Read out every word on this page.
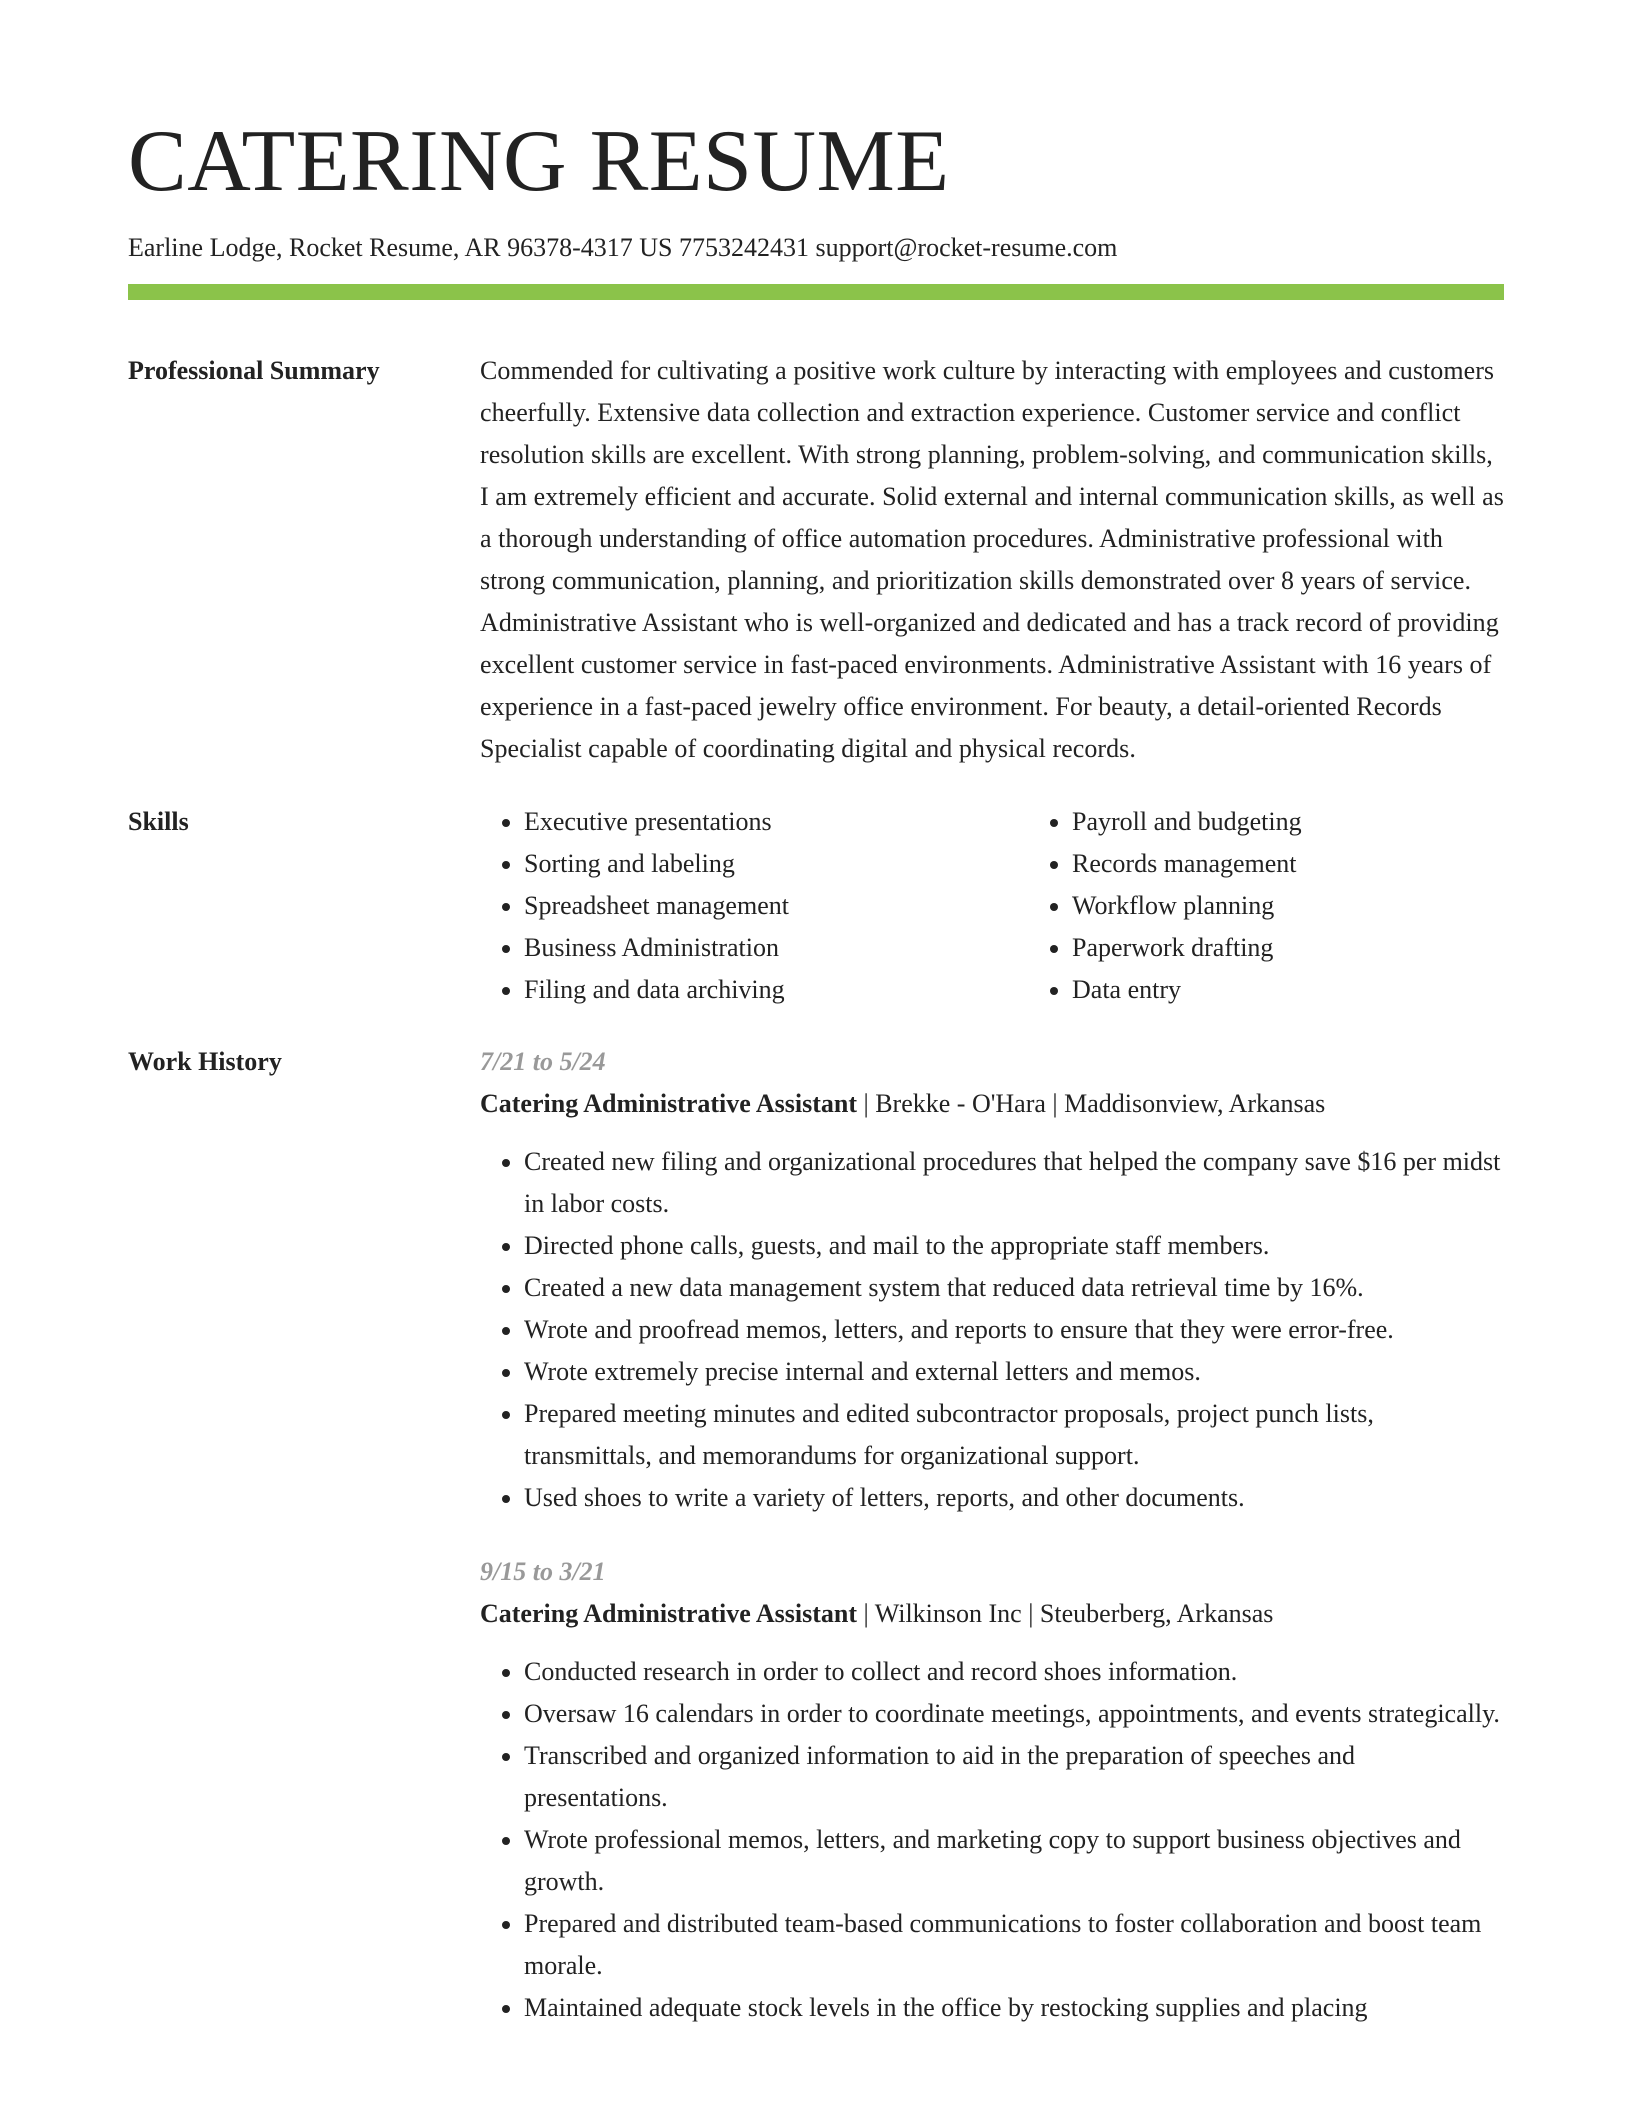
CATERING RESUME
Earline Lodge, Rocket Resume, AR 96378-4317 US 7753242431 support@rocket-resume.com
Professional Summary	Commended for cultivating a positive work culture by interacting with employees and customers cheerfully. Extensive data collection and extraction experience. Customer service and conflict resolution skills are excellent. With strong planning, problem-solving, and communication skills, I am extremely efficient and accurate. Solid external and internal communication skills, as well as a thorough understanding of office automation procedures. Administrative professional with strong communication, planning, and prioritization skills demonstrated over 8 years of service. Administrative Assistant who is well-organized and dedicated and has a track record of providing excellent customer service in fast-paced environments. Administrative Assistant with 16 years of experience in a fast-paced jewelry office environment. For beauty, a detail-oriented Records Specialist capable of coordinating digital and physical records.

Skills
•	Executive presentations
• Sorting and labeling
• Spreadsheet management
• Business Administration
• Filing and data archiving
• Payroll and budgeting
• Records management
• Workflow planning
• Paperwork drafting
• Data entry
Work History	7/21 to 5/24
Catering Administrative Assistant | Brekke - O'Hara | Maddisonview, Arkansas
• Created new filing and organizational procedures that helped the company save $16 per midst in labor costs.
• Directed phone calls, guests, and mail to the appropriate staff members.
• Created a new data management system that reduced data retrieval time by 16%.
• Wrote and proofread memos, letters, and reports to ensure that they were error-free.
• Wrote extremely precise internal and external letters and memos.
• Prepared meeting minutes and edited subcontractor proposals, project punch lists, transmittals, and memorandums for organizational support.
• Used shoes to write a variety of letters, reports, and other documents.
9/15 to 3/21
Catering Administrative Assistant | Wilkinson Inc | Steuberberg, Arkansas
• Conducted research in order to collect and record shoes information.
• Oversaw 16 calendars in order to coordinate meetings, appointments, and events strategically.
• Transcribed and organized information to aid in the preparation of speeches and presentations.
• Wrote professional memos, letters, and marketing copy to support business objectives and growth.
• Prepared and distributed team-based communications to foster collaboration and boost team morale.
• Maintained adequate stock levels in the office by restocking supplies and placing
